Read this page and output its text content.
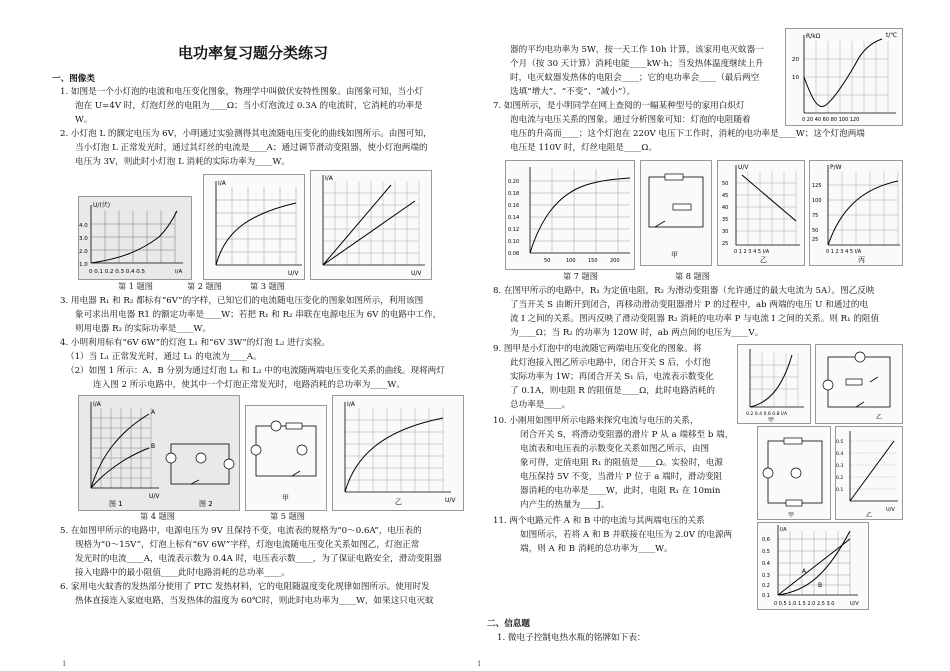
电功率复习题分类练习
一、图像类
1. 如图是一个小灯泡的电流和电压变化图象，物理学中叫做伏安特性图象。由图象可知，当小灯
泡在 U=4V 时，灯泡灯丝的电阻为____Ω；当小灯泡流过 0.3A 的电流时，它消耗的功率是
W。
2. 小灯泡 L 的额定电压为 6V，小明通过实验测得其电流随电压变化的曲线如图所示。由图可知，
当小灯泡 L 正常发光时，通过其灯丝的电流是____A；通过调节滑动变阻器，使小灯泡两端的
电压为 3V，则此时小灯泡 L 消耗的实际功率为____W。
U/(伏)
4.0
3.0
2.0
1.0
0 0.1 0.2 0.3 0.4 0.5	I/A
I/A
U/V
I/A
U/V
第 1 题图	第 2 题图	第 3 题图
3. 用电器 R₁ 和 R₂ 都标有“6V”的字样，已知它们的电流随电压变化的图象如图所示，利用该图
象可求出用电器 R1 的额定功率是____W；若把 R₁ 和 R₂ 串联在电源电压为 6V 的电路中工作，
则用电器 R₂ 的实际功率是____W。
4. 小明利用标有“6V 6W”的灯泡 L₁ 和“6V 3W”的灯泡 L₂ 进行实验。
（1）当 L₁ 正常发光时，通过 L₁ 的电流为____A。
（2）如图 1 所示：A、B 分别为通过灯泡 L₁ 和 L₂ 中的电流随两端电压变化关系的曲线。现将两灯
连入图 2 所示电路中，使其中一个灯泡正常发光时，电路消耗的总功率为____W。
A
B
I/A
U/V
图 1	图 2
甲
I/A
U/V
乙
第 4 题图	第 5 题图
5. 在如图甲所示的电路中，电源电压为 9V 且保持不变，电流表的规格为“0～0.6A”，电压表的
规格为“0～15V”，灯泡上标有“6V 6W”字样，灯泡电流随电压变化关系如图乙，灯泡正常
发光时的电流____A，电流表示数为 0.4A 时，电压表示数____，为了保证电路安全，滑动变阻器
接入电路中的最小阻值____此时电路消耗的总功率____。
6. 家用电火蚊香的发热部分使用了 PTC 发热材料，它的电阻随温度变化规律如图所示。使用时发
热体直接连入家庭电路，当发热体的温度为 60℃时，则此时电功率为____W，如果这只电灭蚊
1
器的平均电功率为 5W，按一天工作 10h 计算，该家用电灭蚊器一
个月（按 30 天计算）消耗电能____kW·h；当发热体温度继续上升
时，电灭蚊器发热体的电阻会____；它的电功率会____（最后两空
选填“增大”、“不变”、“减小”）。
R/kΩ
20
10
0 20 40 60 80 100 120
t/℃
7. 如图所示，是小明同学在网上查阅的一幅某种型号的家用白炽灯
泡电流与电压关系的图象。通过分析图象可知：灯泡的电阻随着
电压的升高而____；这个灯泡在 220V 电压下工作时，消耗的电功率是____W；这个灯泡两端
电压是 110V 时，灯丝电阻是____Ω。
0.20
0.18
0.16
0.14
0.12
0.10
0.08
50	100 150 200
甲
U/V
50
45
40
35
30
25
0 1 2 3 4 5 I/A
乙
P/W
125
100
75
50
25
0 1 2 3 4 5 I/A
丙
第 7 题图	第 8 题图
8. 在图甲所示的电路中，R₁ 为定值电阻，R₂ 为滑动变阻器（允许通过的最大电流为 5A）。图乙反映
了当开关 S 由断开到闭合，再移动滑动变阻器滑片 P 的过程中，ab 两端的电压 U 和通过的电
流 I 之间的关系。图丙反映了滑动变阻器 R₂ 消耗的电功率 P 与电流 I 之间的关系。则 R₁ 的阻值
为____Ω；当 R₂ 的功率为 120W 时，ab 两点间的电压为____V。
9. 图甲是小灯泡中的电流随它两端电压变化的图象。将
此灯泡接入图乙所示电路中，闭合开关 S 后，小灯泡
实际功率为 1W；再闭合开关 S₁ 后，电流表示数变化
了 0.1A，则电阻 R 的阻值是____Ω，此时电路消耗的
总功率是____。
0.2 0.4 0.6 0.8 I/A
甲	乙
10. 小刚用如图甲所示电路来探究电流与电压的关系，
闭合开关 S，将滑动变阻器的滑片 P 从 a 端移至 b 端，
电流表和电压表的示数变化关系如图乙所示，由图
象可得，定值电阻 R₁ 的阻值是____Ω。实验时，电源
电压保持 5V 不变，当滑片 P 位于 a 端时，滑动变阻
器消耗的电功率是____W，此时，电阻 R₁ 在 10min
内产生的热量为____J。
甲
0.5
0.4
0.3
0.2
0.1
U/V
乙
11. 两个电路元件 A 和 B 中的电流与其两端电压的关系
如图所示，若将 A 和 B 并联接在电压为 2.0V 的电源两
端，则 A 和 B 消耗的总功率为____W。
A
B
I/A
0.6
0.5
0.4
0.3
0.2
0.1
0 0.5 1.0 1.5 2.0 2.5 3.0	U/V
二、信息题
1. 微电子控制电热水瓶的铭牌如下表：
1
